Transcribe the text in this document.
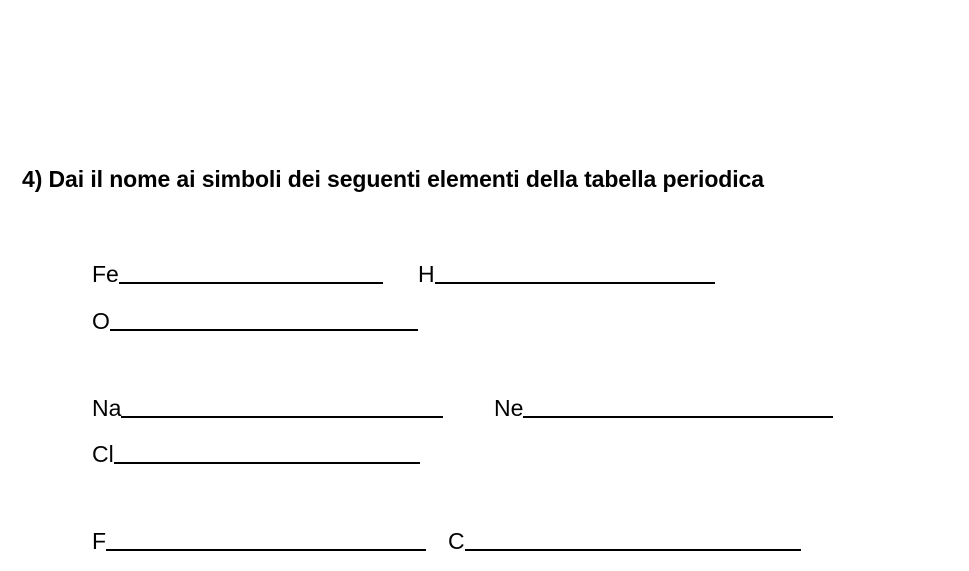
4) Dai il nome ai simboli dei seguenti elementi della tabella periodica
Fe	H
O
Na	Ne
Cl
F	C
